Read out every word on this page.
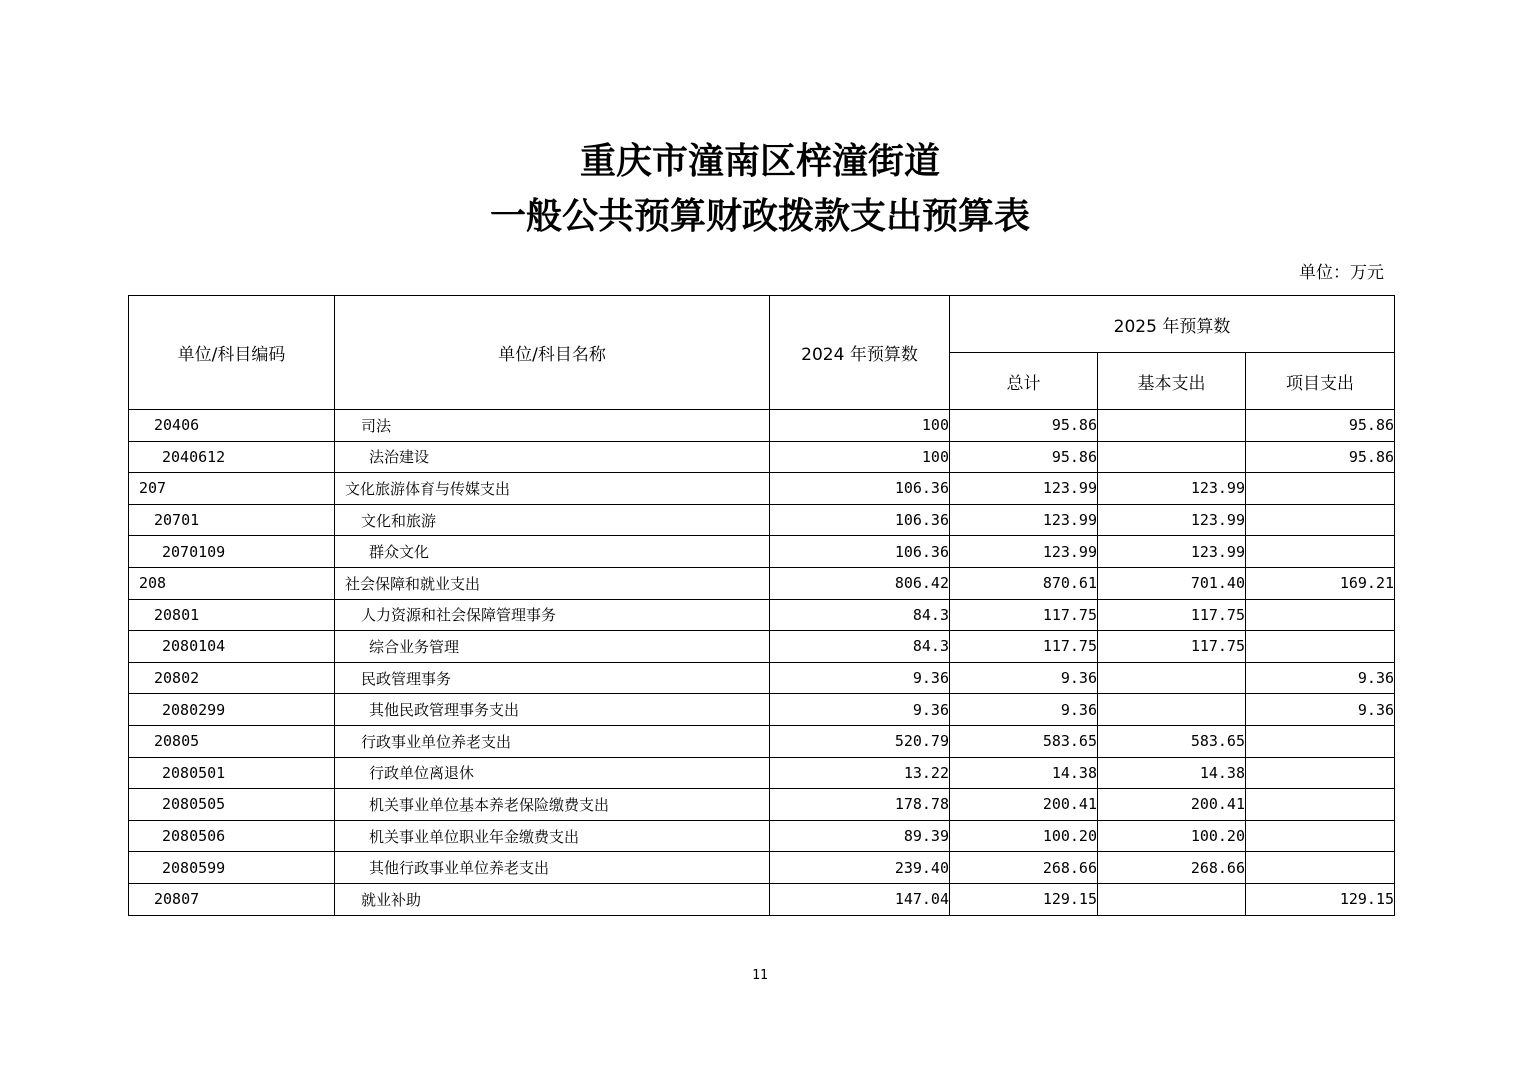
重庆市潼南区梓潼街道
一般公共预算财政拨款支出预算表
单位：万元
单位/科目编码	单位/科目名称	2024 年预算数	2025 年预算数		
			总计	基本支出	项目支出
20406	司法	100	95.86		95.86
2040612	法治建设	100	95.86		95.86
207	文化旅游体育与传媒支出	106.36	123.99	123.99	
20701	文化和旅游	106.36	123.99	123.99	
2070109	群众文化	106.36	123.99	123.99	
208	社会保障和就业支出	806.42	870.61	701.40	169.21
20801	人力资源和社会保障管理事务	84.3	117.75	117.75	
2080104	综合业务管理	84.3	117.75	117.75	
20802	民政管理事务	9.36	9.36		9.36
2080299	其他民政管理事务支出	9.36	9.36		9.36
20805	行政事业单位养老支出	520.79	583.65	583.65	
2080501	行政单位离退休	13.22	14.38	14.38	
2080505	机关事业单位基本养老保险缴费支出	178.78	200.41	200.41	
2080506	机关事业单位职业年金缴费支出	89.39	100.20	100.20	
2080599	其他行政事业单位养老支出	239.40	268.66	268.66	
20807	就业补助	147.04	129.15		129.15
11
